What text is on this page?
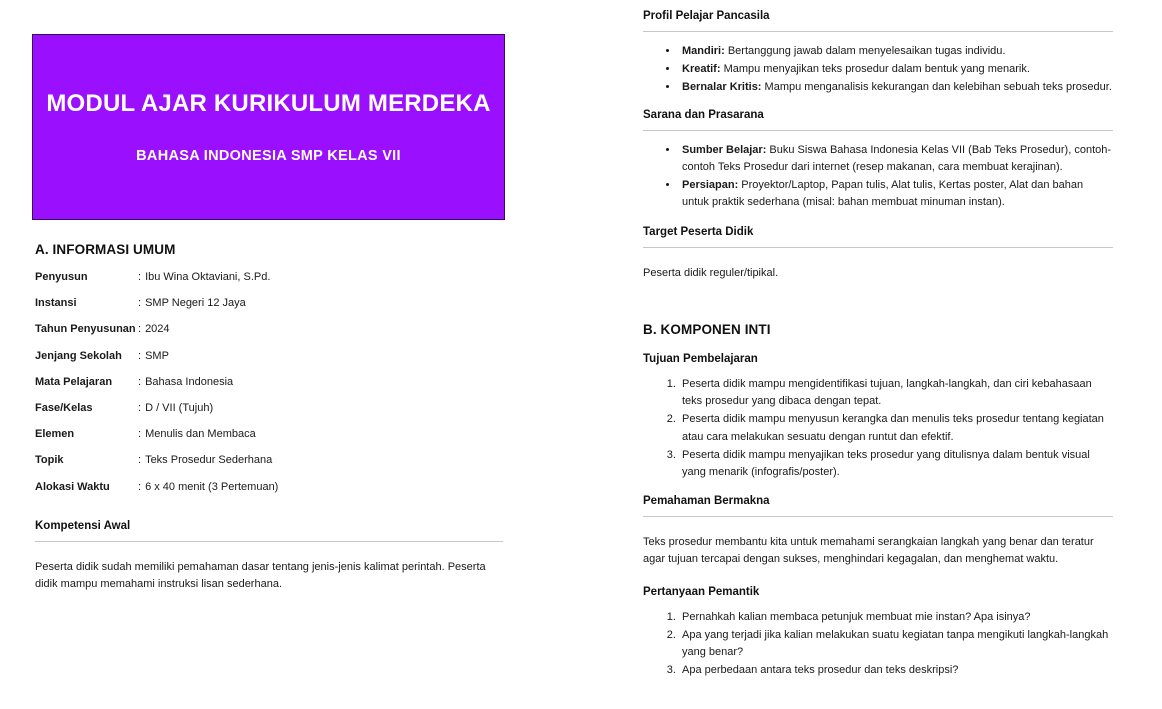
MODUL AJAR KURIKULUM MERDEKA
BAHASA INDONESIA SMP KELAS VII
A. INFORMASI UMUM
Penyusun	: Ibu Wina Oktaviani, S.Pd.
Instansi	: SMP Negeri 12 Jaya
Tahun Penyusunan	: 2024
Jenjang Sekolah	: SMP
Mata Pelajaran	: Bahasa Indonesia
Fase/Kelas	: D / VII (Tujuh)
Elemen	: Menulis dan Membaca
Topik	: Teks Prosedur Sederhana
Alokasi Waktu	: 6 x 40 menit (3 Pertemuan)
Kompetensi Awal

Peserta didik sudah memiliki pemahaman dasar tentang jenis-jenis kalimat perintah. Peserta didik mampu memahami instruksi lisan sederhana.

Profil Pelajar Pancasila
• Mandiri: Bertanggung jawab dalam menyelesaikan tugas individu.
• Kreatif: Mampu menyajikan teks prosedur dalam bentuk yang menarik.
• Bernalar Kritis: Mampu menganalisis kekurangan dan kelebihan sebuah teks prosedur.
Sarana dan Prasarana
• Sumber Belajar: Buku Siswa Bahasa Indonesia Kelas VII (Bab Teks Prosedur), contoh-contoh Teks Prosedur dari internet (resep makanan, cara membuat kerajinan).
• Persiapan: Proyektor/Laptop, Papan tulis, Alat tulis, Kertas poster, Alat dan bahan untuk praktik sederhana (misal: bahan membuat minuman instan).
Target Peserta Didik

Peserta didik reguler/tipikal.

B. KOMPONEN INTI
Tujuan Pembelajaran
1. Peserta didik mampu mengidentifikasi tujuan, langkah-langkah, dan ciri kebahasaan teks prosedur yang dibaca dengan tepat.
2. Peserta didik mampu menyusun kerangka dan menulis teks prosedur tentang kegiatan atau cara melakukan sesuatu dengan runtut dan efektif.
3. Peserta didik mampu menyajikan teks prosedur yang ditulisnya dalam bentuk visual yang menarik (infografis/poster).
Pemahaman Bermakna

Teks prosedur membantu kita untuk memahami serangkaian langkah yang benar dan teratur agar tujuan tercapai dengan sukses, menghindari kegagalan, dan menghemat waktu.

Pertanyaan Pemantik
1. Pernahkah kalian membaca petunjuk membuat mie instan? Apa isinya?
2. Apa yang terjadi jika kalian melakukan suatu kegiatan tanpa mengikuti langkah-langkah yang benar?
3. Apa perbedaan antara teks prosedur dan teks deskripsi?
